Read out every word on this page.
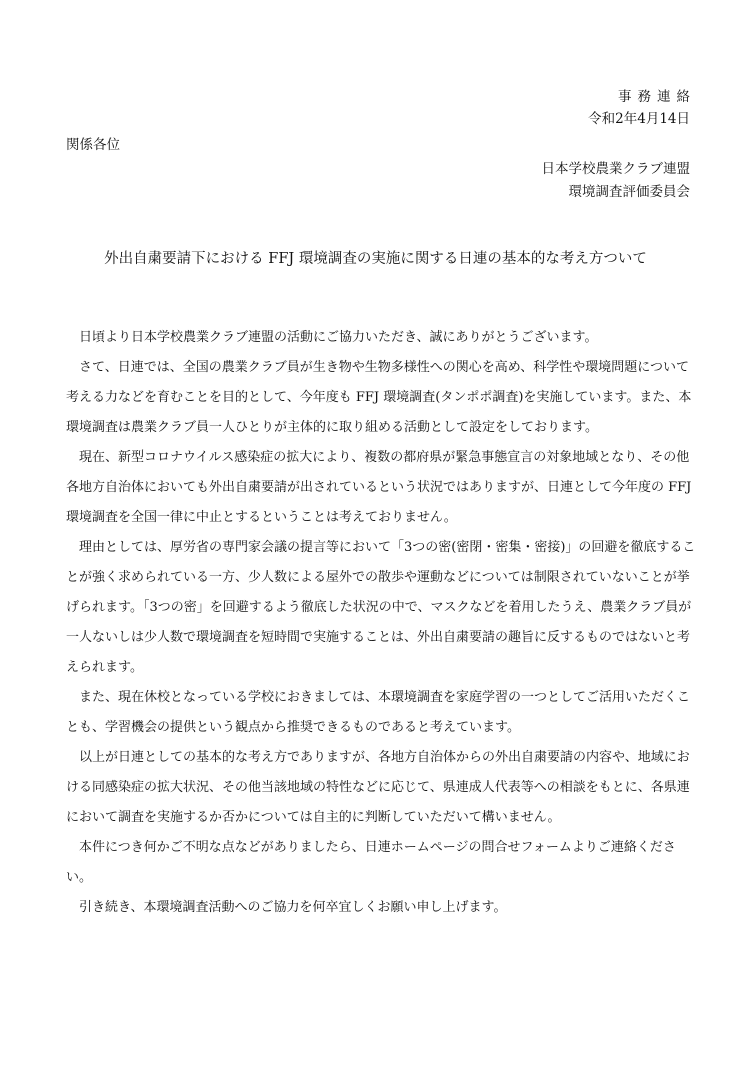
事務連絡
令和2年4月14日
関係各位
日本学校農業クラブ連盟
環境調査評価委員会
外出自粛要請下における FFJ 環境調査の実施に関する日連の基本的な考え方ついて

日頃より日本学校農業クラブ連盟の活動にご協力いただき、誠にありがとうございます。

さて、日連では、全国の農業クラブ員が生き物や生物多様性への関心を高め、科学性や環境問題について考える力などを育むことを目的として、今年度も FFJ 環境調査(タンポポ調査)を実施しています。また、本環境調査は農業クラブ員一人ひとりが主体的に取り組める活動として設定をしております。

現在、新型コロナウイルス感染症の拡大により、複数の都府県が緊急事態宣言の対象地域となり、その他各地方自治体においても外出自粛要請が出されているという状況ではありますが、日連として今年度の FFJ 環境調査を全国一律に中止とするということは考えておりません。

理由としては、厚労省の専門家会議の提言等において「3つの密(密閉・密集・密接)」の回避を徹底することが強く求められている一方、少人数による屋外での散歩や運動などについては制限されていないことが挙げられます。「3つの密」を回避するよう徹底した状況の中で、マスクなどを着用したうえ、農業クラブ員が一人ないしは少人数で環境調査を短時間で実施することは、外出自粛要請の趣旨に反するものではないと考えられます。

また、現在休校となっている学校におきましては、本環境調査を家庭学習の一つとしてご活用いただくことも、学習機会の提供という観点から推奨できるものであると考えています。

以上が日連としての基本的な考え方でありますが、各地方自治体からの外出自粛要請の内容や、地域における同感染症の拡大状況、その他当該地域の特性などに応じて、県連成人代表等への相談をもとに、各県連において調査を実施するか否かについては自主的に判断していただいて構いません。

本件につき何かご不明な点などがありましたら、日連ホームページの問合せフォームよりご連絡ください。

引き続き、本環境調査活動へのご協力を何卒宜しくお願い申し上げます。
